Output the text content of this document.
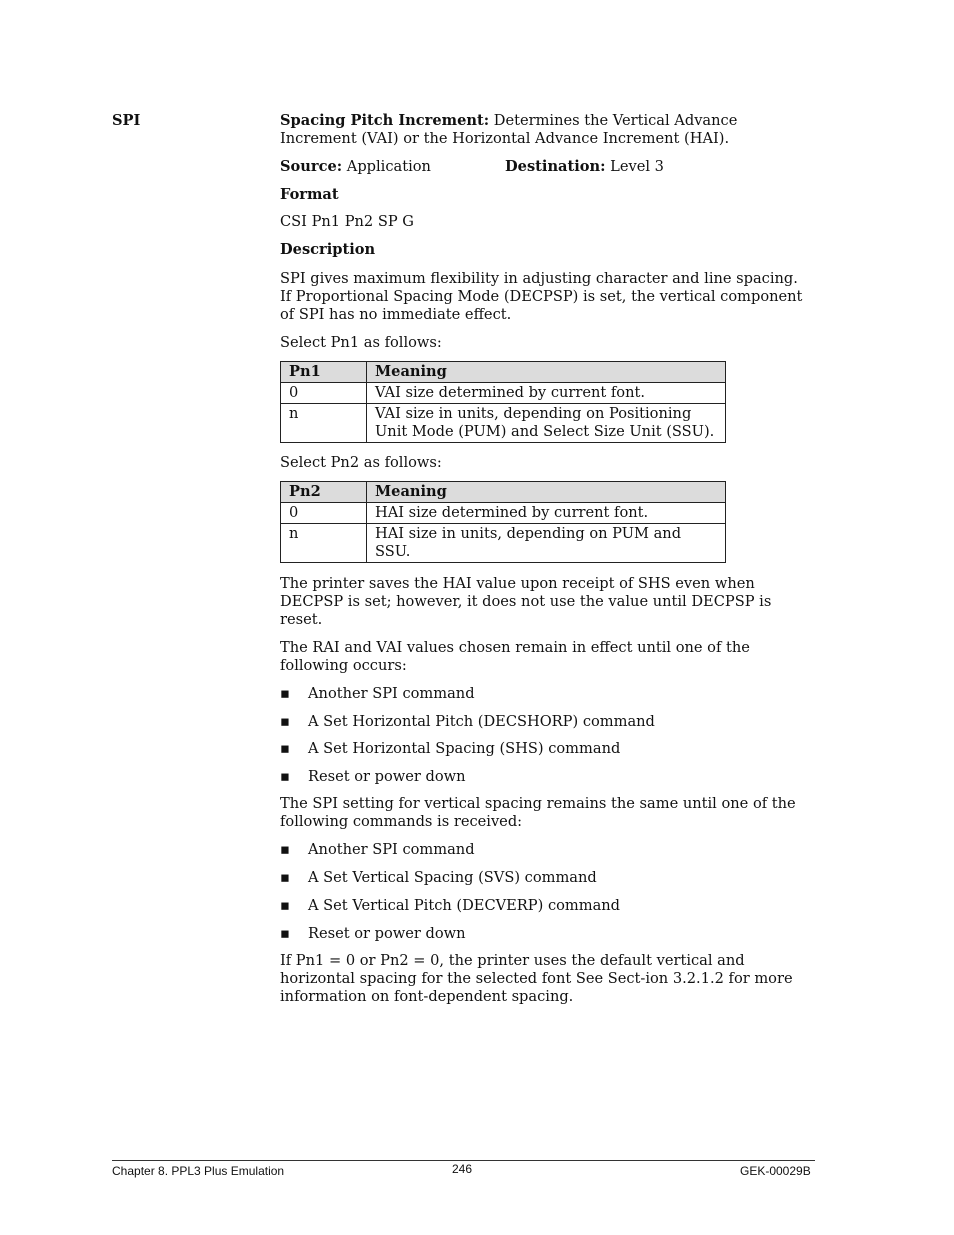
SPI	Spacing Pitch Increment: Determines the Vertical Advance
Increment (VAI) or the Horizontal Advance Increment (HAI).
Source: Application	Destination: Level 3
Format
CSI Pn1 Pn2 SP G
Description
SPI gives maximum flexibility in adjusting character and line spacing.
If Proportional Spacing Mode (DECPSP) is set, the vertical component
of SPI has no immediate effect.
Select Pn1 as follows:
Pn1	Meaning
0	VAI size determined by current font.
n	VAI size in units, depending on Positioning
Unit Mode (PUM) and Select Size Unit (SSU).
Select Pn2 as follows:
Pn2	Meaning
0	HAI size determined by current font.
n	HAI size in units, depending on PUM and
SSU.
The printer saves the HAI value upon receipt of SHS even when
DECPSP is set; however, it does not use the value until DECPSP is
reset.
The RAI and VAI values chosen remain in effect until one of the
following occurs:
▪ Another SPI command
▪ A Set Horizontal Pitch (DECSHORP) command
▪ A Set Horizontal Spacing (SHS) command
▪ Reset or power down
The SPI setting for vertical spacing remains the same until one of the
following commands is received:
▪ Another SPI command
▪ A Set Vertical Spacing (SVS) command
▪ A Set Vertical Pitch (DECVERP) command
▪ Reset or power down
If Pn1 = 0 or Pn2 = 0, the printer uses the default vertical and
horizontal spacing for the selected font See Sect-ion 3.2.1.2 for more
information on font-dependent spacing.
Chapter 8. PPL3 Plus Emulation	246	GEK-00029B
